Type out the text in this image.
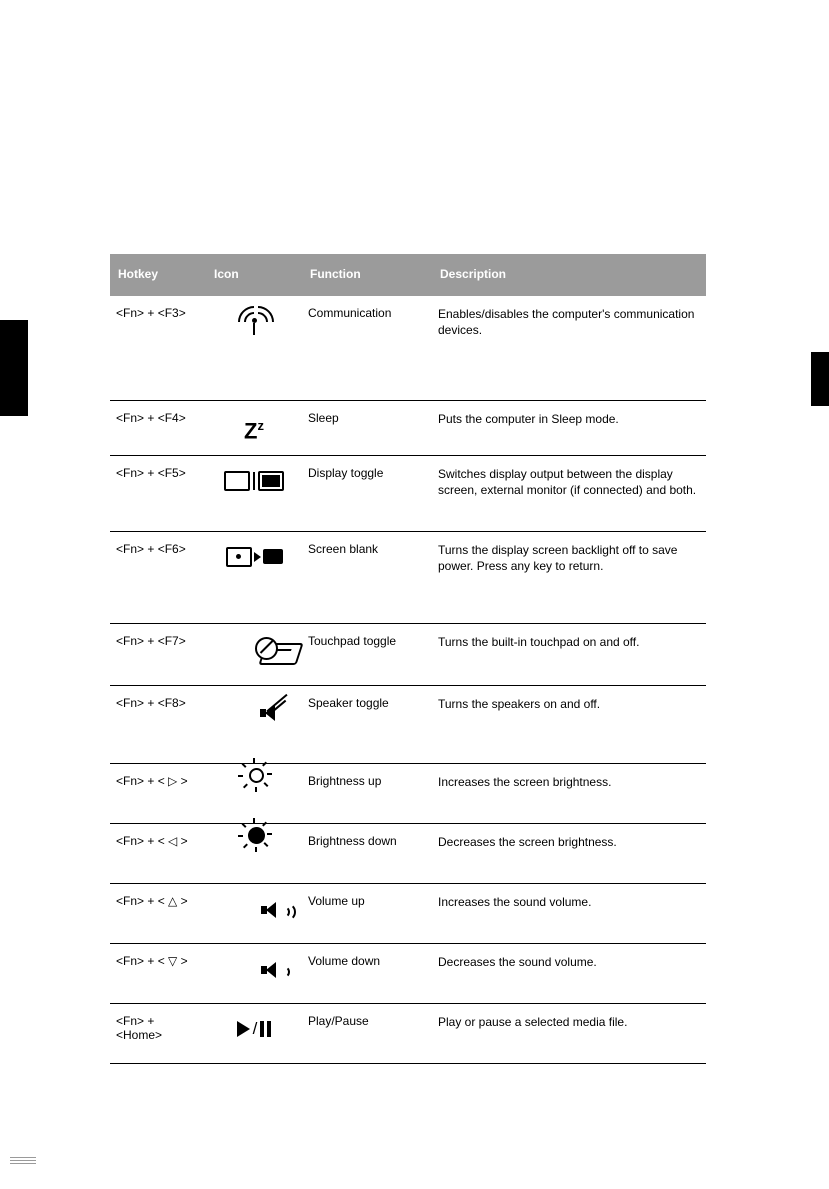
Hotkey	Icon	Function	Description

<Fn> + <F3>		Communication	Enables/disables the computer's communication devices.
<Fn> + <F4>	$Z^z$	Sleep	Puts the computer in Sleep mode.
<Fn> + <F5>		Display toggle	Switches display output between the display screen, external monitor (if connected) and both.
<Fn> + <F6>		Screen blank	Turns the display screen backlight off to save power. Press any key to return.
<Fn> + <F7>		Touchpad toggle	Turns the built-in touchpad on and off.
<Fn> + <F8>		Speaker toggle	Turns the speakers on and off.
<Fn> + < ▷ >		Brightness up	Increases the screen brightness.
<Fn> + < ◁ >		Brightness down	Decreases the screen brightness.
<Fn> + < △ >		Volume up	Increases the sound volume.
<Fn> + < ▽ >		Volume down	Decreases the sound volume.
<Fn> + <Home>	/	Play/Pause	Play or pause a selected media file.
